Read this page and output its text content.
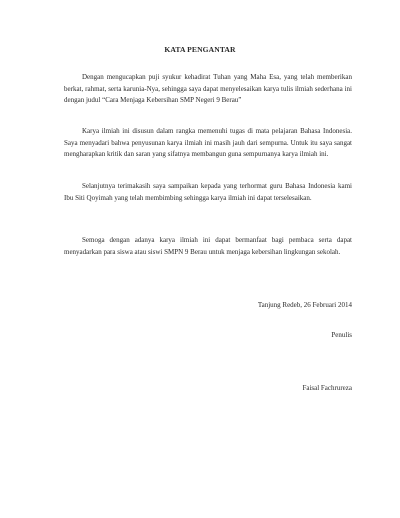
KATA PENGANTAR
Dengan mengucapkan puji syukur kehadirat Tuhan yang Maha Esa, yang telah memberikan berkat, rahmat, serta karunia-Nya, sehingga saya dapat menyelesaikan karya tulis ilmiah sederhana ini dengan judul “Cara Menjaga Kebersihan SMP Negeri 9 Berau”
Karya ilmiah ini disusun dalam rangka memenuhi tugas di mata pelajaran Bahasa Indonesia. Saya menyadari bahwa penyusunan karya ilmiah ini masih jauh dari sempurna. Untuk itu saya sangat mengharapkan kritik dan saran yang sifatnya membangun guna sempurnanya karya ilmiah ini.
Selanjutnya terimakasih saya sampaikan kepada yang terhormat guru Bahasa Indonesia kami Ibu Siti Qoyimah yang telah membimbing sehingga karya ilmiah ini dapat terselesaikan.
Semoga dengan adanya karya ilmiah ini dapat bermanfaat bagi pembaca serta dapat menyadarkan para siswa atau siswi SMPN 9 Berau untuk menjaga kebersihan lingkungan sekolah.
Tanjung Redeb, 26 Februari 2014
Penulis
Faisal Fachrureza
